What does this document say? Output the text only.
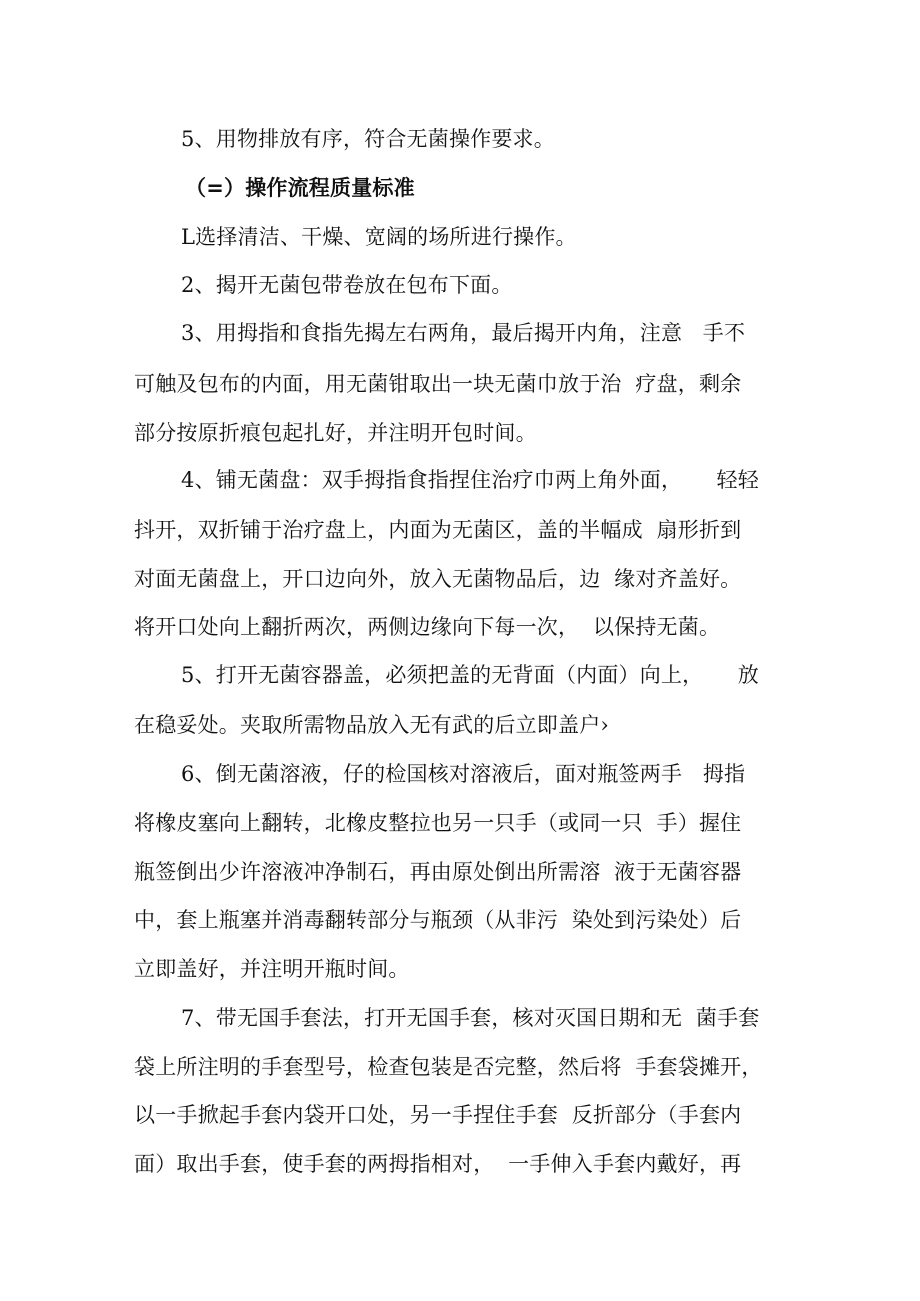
5、用物排放有序，符合无菌操作要求。
（=）操作流程质量标准
L选择清洁、干燥、宽阔的场所进行操作。
2、揭开无菌包带卷放在包布下面。
3、用拇指和食指先揭左右两角，最后揭开内角，注意   手不
可触及包布的内面，用无菌钳取出一块无菌巾放于治  疗盘，剩余
部分按原折痕包起扎好，并注明开包时间。
4、铺无菌盘：双手拇指食指捏住治疗巾两上角外面，     轻轻
抖开，双折铺于治疗盘上，内面为无菌区，盖的半幅成  扇形折到
对面无菌盘上，开口边向外，放入无菌物品后，边  缘对齐盖好。
将开口处向上翻折两次，两侧边缘向下每一次，  以保持无菌。
5、打开无菌容器盖，必须把盖的无背面（内面）向上，     放
在稳妥处。夹取所需物品放入无有武的后立即盖户›
6、倒无菌溶液，仔的检国核对溶液后，面对瓶签两手   拇指
将橡皮塞向上翻转，北橡皮整拉也另一只手（或同一只  手）握住
瓶签倒出少许溶液冲净制石，再由原处倒出所需溶  液于无菌容器
中，套上瓶塞并消毒翻转部分与瓶颈（从非污  染处到污染处）后
立即盖好，并注明开瓶时间。
7、带无国手套法，打开无国手套，核对灭国日期和无  菌手套
袋上所注明的手套型号，检查包装是否完整，然后将  手套袋摊开，
以一手掀起手套内袋开口处，另一手捏住手套  反折部分（手套内
面）取出手套，使手套的两拇指相对，  一手伸入手套内戴好，再
